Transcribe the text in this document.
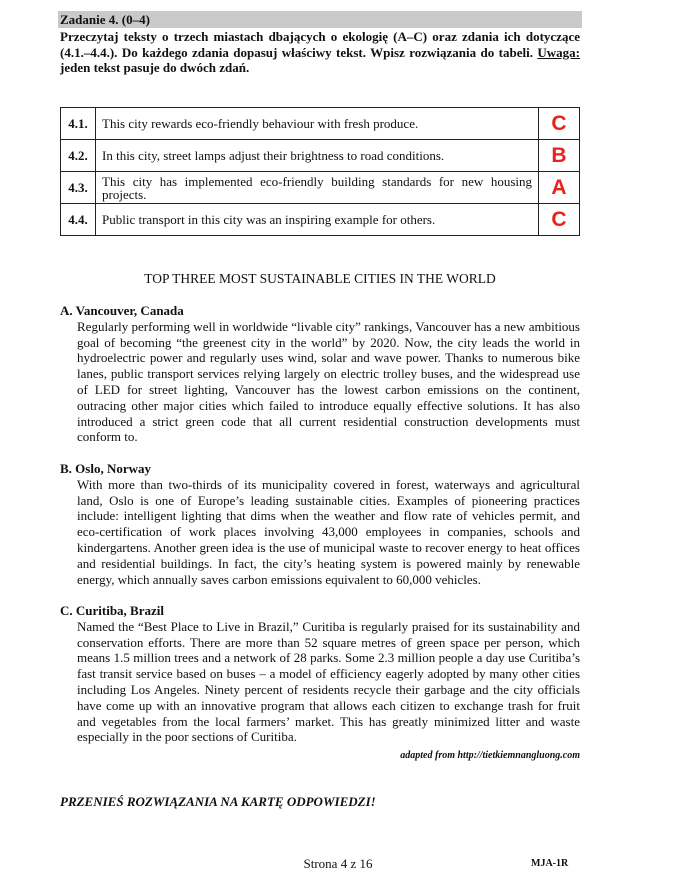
Zadanie 4. (0–4)
Przeczytaj teksty o trzech miastach dbających o ekologię (A–C) oraz zdania ich dotyczące (4.1.–4.4.). Do każdego zdania dopasuj właściwy tekst. Wpisz rozwiązania do tabeli. Uwaga: jeden tekst pasuje do dwóch zdań.
4.1.	This city rewards eco-friendly behaviour with fresh produce.	C
4.2.	In this city, street lamps adjust their brightness to road conditions.	B
4.3.	This city has implemented eco-friendly building standards for new housing projects.	A
4.4.	Public transport in this city was an inspiring example for others.	C
TOP THREE MOST SUSTAINABLE CITIES IN THE WORLD
A. Vancouver, Canada
Regularly performing well in worldwide “livable city” rankings, Vancouver has a new ambitious goal of becoming “the greenest city in the world” by 2020. Now, the city leads the world in hydroelectric power and regularly uses wind, solar and wave power. Thanks to numerous bike lanes, public transport services relying largely on electric trolley buses, and the widespread use of LED for street lighting, Vancouver has the lowest carbon emissions on the continent, outracing other major cities which failed to introduce equally effective solutions. It has also introduced a strict green code that all current residential construction developments must conform to.
B. Oslo, Norway
With more than two-thirds of its municipality covered in forest, waterways and agricultural land, Oslo is one of Europe’s leading sustainable cities. Examples of pioneering practices include: intelligent lighting that dims when the weather and flow rate of vehicles permit, and eco-certification of work places involving 43,000 employees in companies, schools and kindergartens. Another green idea is the use of municipal waste to recover energy to heat offices and residential buildings. In fact, the city’s heating system is powered mainly by renewable energy, which annually saves carbon emissions equivalent to 60,000 vehicles.
C. Curitiba, Brazil
Named the “Best Place to Live in Brazil,” Curitiba is regularly praised for its sustainability and conservation efforts. There are more than 52 square metres of green space per person, which means 1.5 million trees and a network of 28 parks. Some 2.3 million people a day use Curitiba’s fast transit service based on buses – a model of efficiency eagerly adopted by many other cities including Los Angeles. Ninety percent of residents recycle their garbage and the city officials have come up with an innovative program that allows each citizen to exchange trash for fruit and vegetables from the local farmers’ market. This has greatly minimized litter and waste especially in the poor sections of Curitiba.
adapted from http://tietkiemnangluong.com
PRZENIEŚ ROZWIĄZANIA NA KARTĘ ODPOWIEDZI!
Strona 4 z 16	MJA-1R
